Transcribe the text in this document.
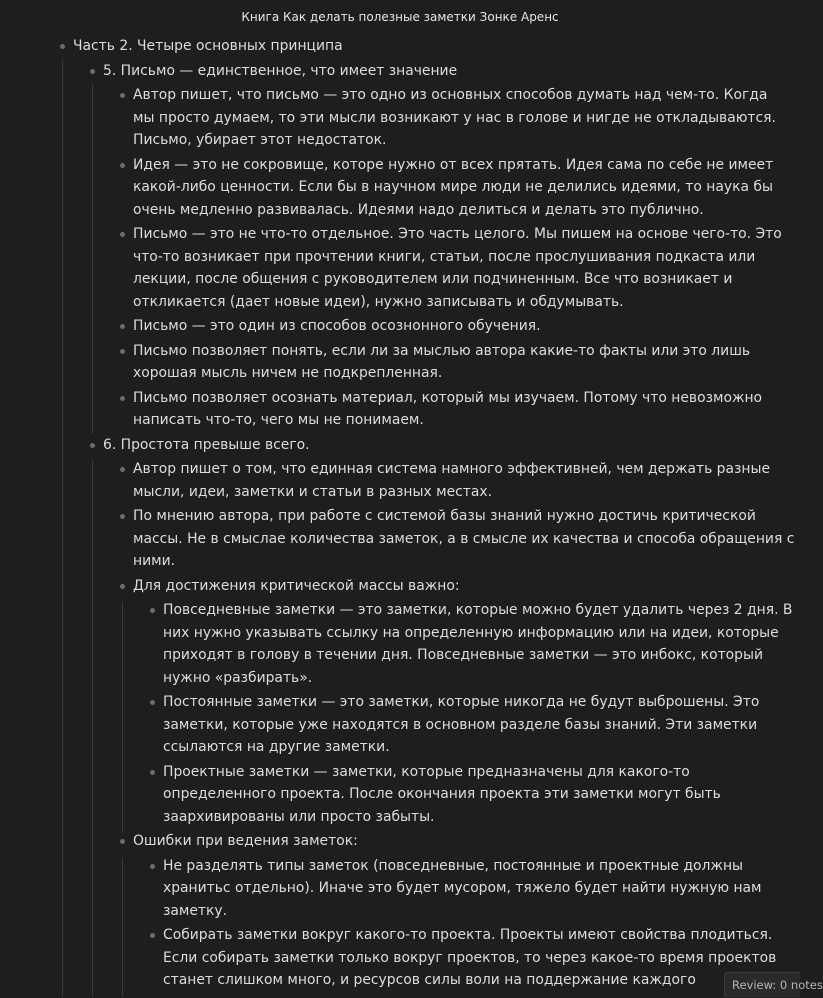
Книга Как делать полезные заметки Зонке Аренс
Часть 2. Четыре основных принципа
5. Письмо — единственное, что имеет значение
Автор пишет, что письмо — это одно из основных способов думать над чем-то. Когда
мы просто думаем, то эти мысли возникают у нас в голове и нигде не откладываются.
Письмо, убирает этот недостаток.
Идея — это не сокровище, которе нужно от всех прятать. Идея сама по себе не имеет
какой-либо ценности. Если бы в научном мире люди не делились идеями, то наука бы
очень медленно развивалась. Идеями надо делиться и делать это публично.
Письмо — это не что-то отдельное. Это часть целого. Мы пишем на основе чего-то. Это
что-то возникает при прочтении книги, статьи, после прослушивания подкаста или
лекции, после общения с руководителем или подчиненным. Все что возникает и
откликается (дает новые идеи), нужно записывать и обдумывать.
Письмо — это один из способов осознонного обучения.
Письмо позволяет понять, если ли за мыслью автора какие-то факты или это лишь
хорошая мысль ничем не подкрепленная.
Письмо позволяет осознать материал, который мы изучаем. Потому что невозможно
написать что-то, чего мы не понимаем.
6. Простота превыше всего.
Автор пишет о том, что единная система намного эффективней, чем держать разные
мысли, идеи, заметки и статьи в разных местах.
По мнению автора, при работе с системой базы знаний нужно достичь критической
массы. Не в смыслае количества заметок, а в смысле их качества и способа обращения с
ними.
Для достижения критической массы важно:
Повседневные заметки — это заметки, которые можно будет удалить через 2 дня. В
них нужно указывать ссылку на определенную информацию или на идеи, которые
приходят в голову в течении дня. Повседневные заметки — это инбокс, который
нужно «разбирать».
Постоянные заметки — это заметки, которые никогда не будут выброшены. Это
заметки, которые уже находятся в основном разделе базы знаний. Эти заметки
ссылаются на другие заметки.
Проектные заметки — заметки, которые предназначены для какого-то
определенного проекта. После окончания проекта эти заметки могут быть
заархивированы или просто забыты.
Ошибки при ведения заметок:
Не разделять типы заметок (повседневные, постоянные и проектные должны
хранитьс отдельно). Иначе это будет мусором, тяжело будет найти нужную нам
заметку.
Собирать заметки вокруг какого-то проекта. Проекты имеют свойства плодиться.
Если собирать заметки только вокруг проектов, то через какое-то время проектов
станет слишком много, и ресурсов силы воли на поддержание каждого	Review: 0 notes
